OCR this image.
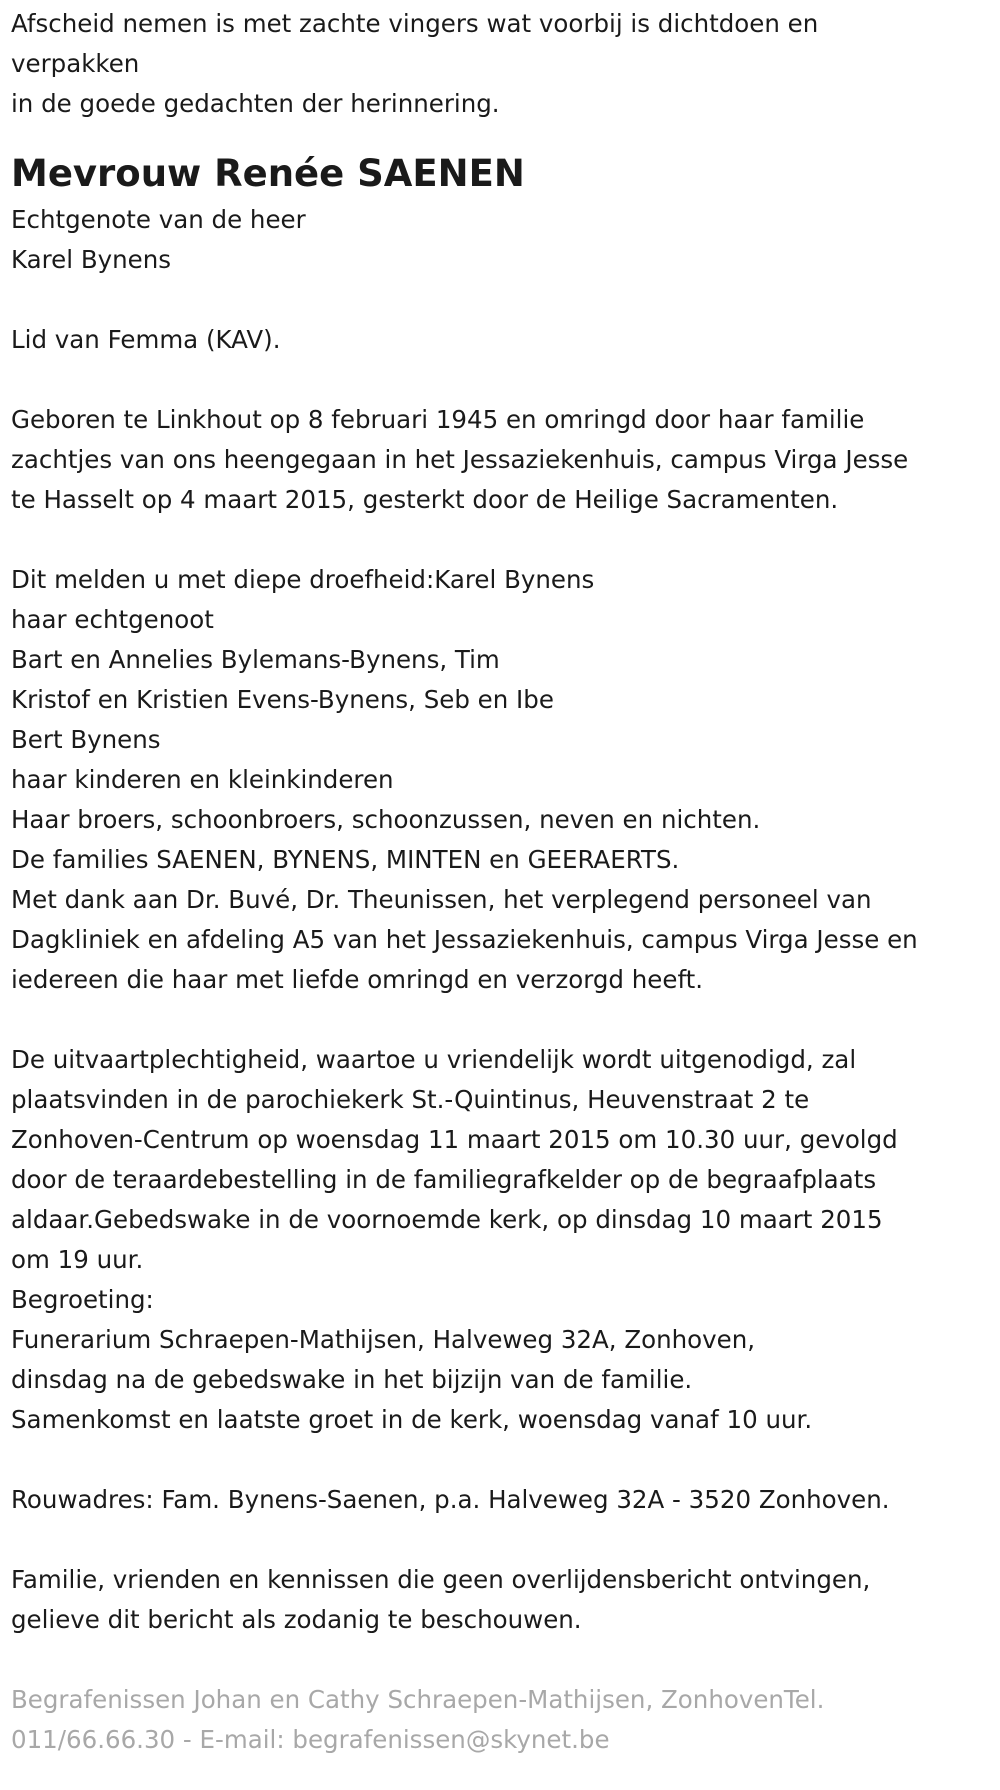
Afscheid nemen is met zachte vingers wat voorbij is dichtdoen en
verpakken
in de goede gedachten der herinnering.
Mevrouw Renée SAENEN
Echtgenote van de heer
Karel Bynens
Lid van Femma (KAV).
Geboren te Linkhout op 8 februari 1945 en omringd door haar familie
zachtjes van ons heengegaan in het Jessaziekenhuis, campus Virga Jesse
te Hasselt op 4 maart 2015, gesterkt door de Heilige Sacramenten.
Dit melden u met diepe droefheid:Karel Bynens
haar echtgenoot
Bart en Annelies Bylemans-Bynens, Tim
Kristof en Kristien Evens-Bynens, Seb en Ibe
Bert Bynens
haar kinderen en kleinkinderen
Haar broers, schoonbroers, schoonzussen, neven en nichten.
De families SAENEN, BYNENS, MINTEN en GEERAERTS.
Met dank aan Dr. Buvé, Dr. Theunissen, het verplegend personeel van
Dagkliniek en afdeling A5 van het Jessaziekenhuis, campus Virga Jesse en
iedereen die haar met liefde omringd en verzorgd heeft.
De uitvaartplechtigheid, waartoe u vriendelijk wordt uitgenodigd, zal
plaatsvinden in de parochiekerk St.-Quintinus, Heuvenstraat 2 te
Zonhoven-Centrum op woensdag 11 maart 2015 om 10.30 uur, gevolgd
door de teraardebestelling in de familiegrafkelder op de begraafplaats
aldaar.Gebedswake in de voornoemde kerk, op dinsdag 10 maart 2015
om 19 uur.
Begroeting:
Funerarium Schraepen-Mathijsen, Halveweg 32A, Zonhoven,
dinsdag na de gebedswake in het bijzijn van de familie.
Samenkomst en laatste groet in de kerk, woensdag vanaf 10 uur.
Rouwadres: Fam. Bynens-Saenen, p.a. Halveweg 32A - 3520 Zonhoven.
Familie, vrienden en kennissen die geen overlijdensbericht ontvingen,
gelieve dit bericht als zodanig te beschouwen.
Begrafenissen Johan en Cathy Schraepen-Mathijsen, ZonhovenTel.
011/66.66.30 - E-mail: begrafenissen@skynet.be
